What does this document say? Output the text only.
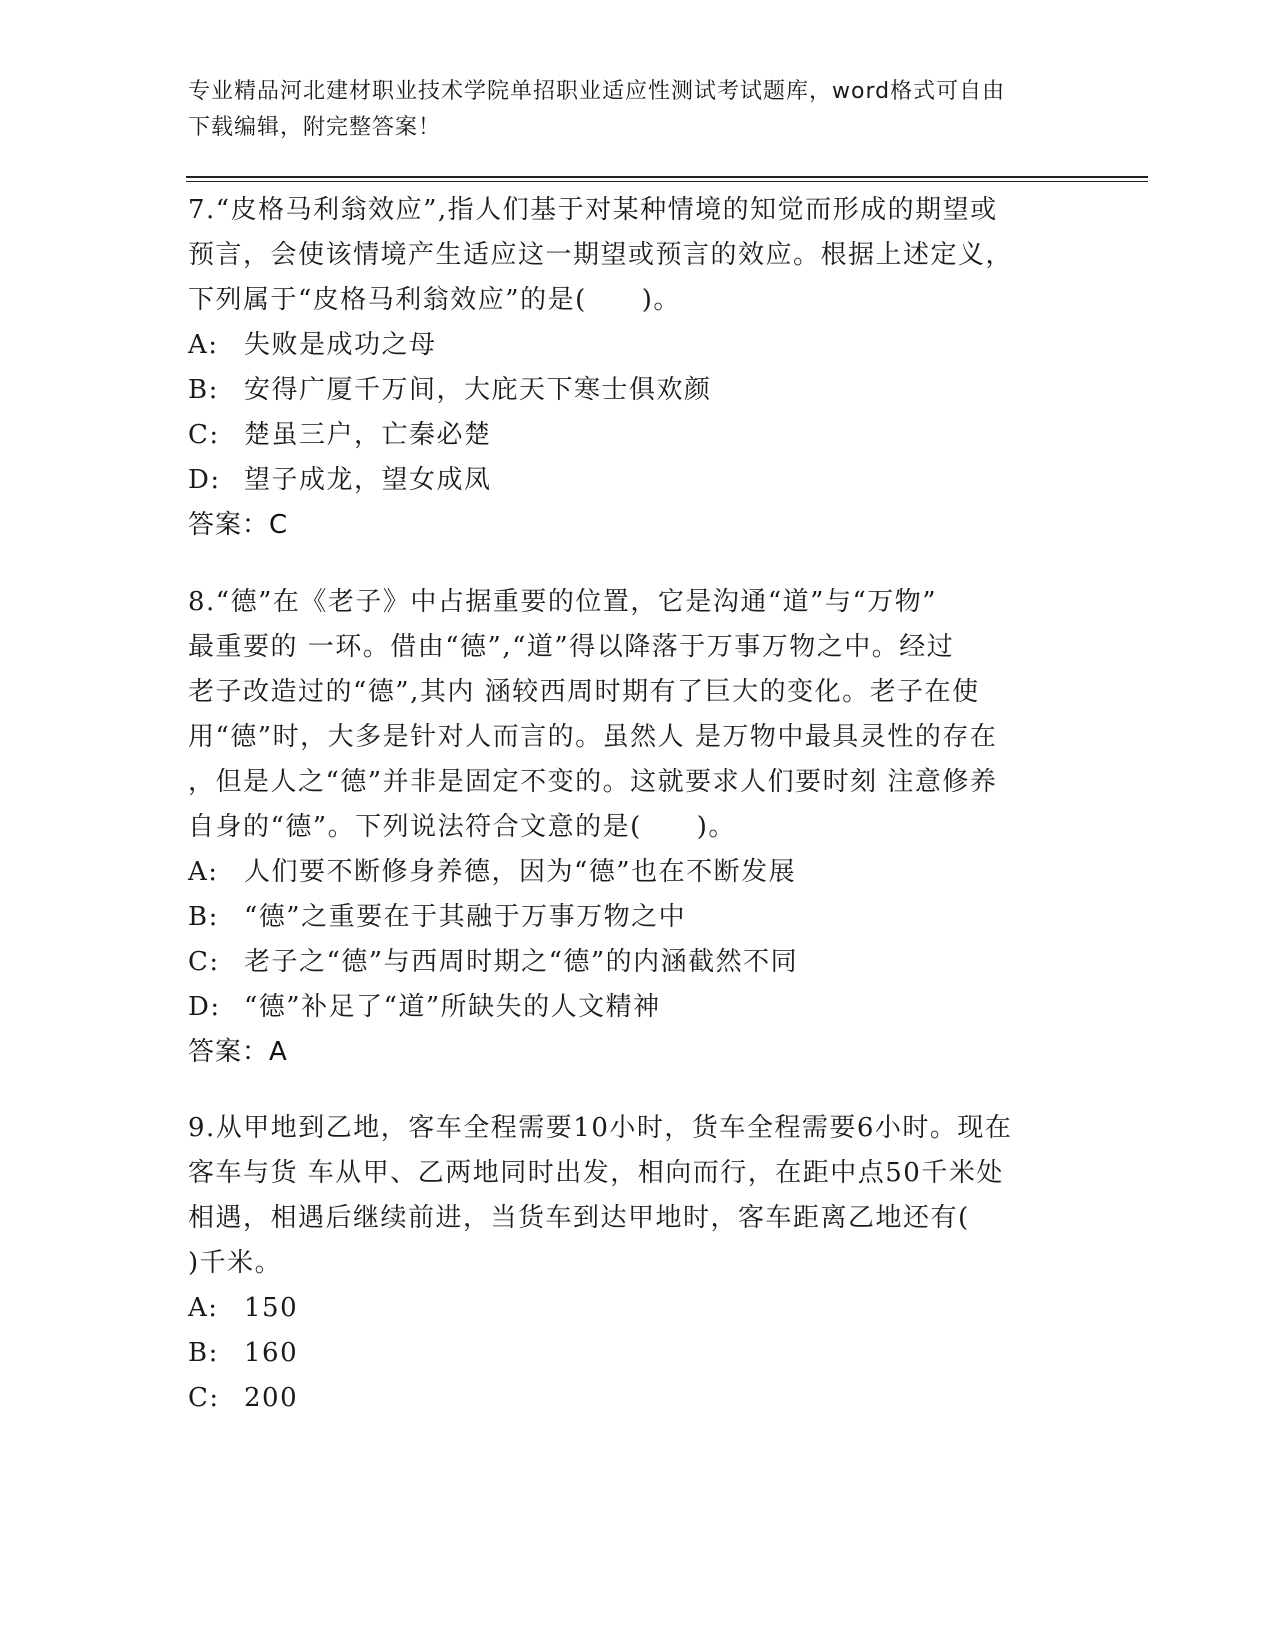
专业精品河北建材职业技术学院单招职业适应性测试考试题库，word格式可自由
下载编辑，附完整答案！
7.“皮格马利翁效应”,指人们基于对某种情境的知觉而形成的期望或
预言，会使该情境产生适应这一期望或预言的效应。根据上述定义，
下列属于“皮格马利翁效应”的是(　　)。
A: 失败是成功之母
B: 安得广厦千万间，大庇天下寒士俱欢颜
C: 楚虽三户，亡秦必楚
D: 望子成龙，望女成凤
答案：C
8.“德”在《老子》中占据重要的位置，它是沟通“道”与“万物”
最重要的 一环。借由“德”,“道”得以降落于万事万物之中。经过
老子改造过的“德”,其内 涵较西周时期有了巨大的变化。老子在使
用“德”时，大多是针对人而言的。虽然人 是万物中最具灵性的存在
，但是人之“德”并非是固定不变的。这就要求人们要时刻 注意修养
自身的“德”。下列说法符合文意的是(　　)。
A: 人们要不断修身养德，因为“德”也在不断发展
B: “德”之重要在于其融于万事万物之中
C: 老子之“德”与西周时期之“德”的内涵截然不同
D: “德”补足了“道”所缺失的人文精神
答案：A
9.从甲地到乙地，客车全程需要10小时，货车全程需要6小时。现在
客车与货 车从甲、乙两地同时出发，相向而行，在距中点50千米处
相遇，相遇后继续前进，当货车到达甲地时，客车距离乙地还有(
)千米。
A: 150
B: 160
C: 200
